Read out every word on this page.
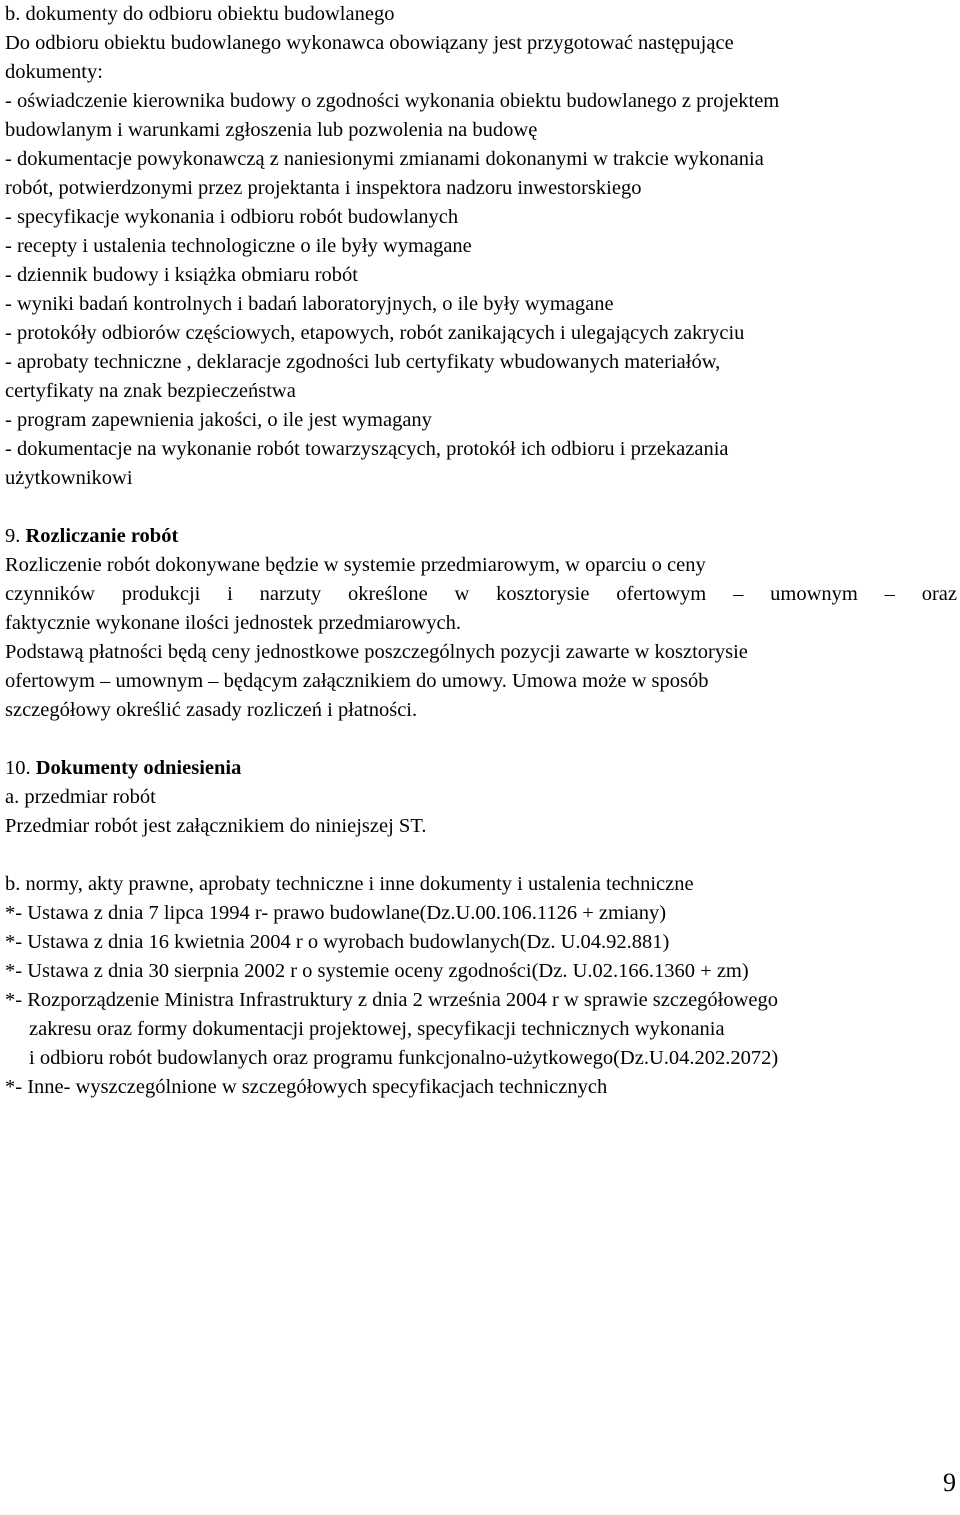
b. dokumenty do odbioru obiektu budowlanego
Do odbioru obiektu budowlanego wykonawca obowiązany jest przygotować następujące
dokumenty:
- oświadczenie kierownika budowy o zgodności wykonania obiektu budowlanego z projektem
budowlanym i warunkami zgłoszenia lub pozwolenia na budowę
- dokumentacje powykonawczą z naniesionymi zmianami dokonanymi w trakcie wykonania
robót, potwierdzonymi przez projektanta i inspektora nadzoru inwestorskiego
- specyfikacje wykonania i odbioru robót budowlanych
- recepty i ustalenia technologiczne o ile były wymagane
- dziennik budowy i książka obmiaru robót
- wyniki badań kontrolnych i badań laboratoryjnych, o ile były wymagane
- protokóły odbiorów częściowych, etapowych, robót zanikających i ulegających zakryciu
- aprobaty techniczne , deklaracje zgodności lub certyfikaty wbudowanych materiałów,
certyfikaty na znak bezpieczeństwa
- program zapewnienia jakości, o ile jest wymagany
- dokumentacje na wykonanie robót towarzyszących, protokół ich odbioru i przekazania
użytkownikowi
9. Rozliczanie robót
Rozliczenie robót dokonywane będzie w systemie przedmiarowym, w oparciu o ceny
czynników produkcji i narzuty określone w kosztorysie ofertowym – umownym – oraz
faktycznie wykonane ilości jednostek przedmiarowych.
Podstawą płatności będą ceny jednostkowe poszczególnych pozycji zawarte w kosztorysie
ofertowym – umownym – będącym załącznikiem do umowy. Umowa może w sposób
szczegółowy określić zasady rozliczeń i płatności.
10. Dokumenty odniesienia
a. przedmiar robót
Przedmiar robót jest załącznikiem do niniejszej ST.
b. normy, akty prawne, aprobaty techniczne i inne dokumenty i ustalenia techniczne
*- Ustawa z dnia 7 lipca 1994 r- prawo budowlane(Dz.U.00.106.1126 + zmiany)
*- Ustawa z dnia 16 kwietnia 2004 r o wyrobach budowlanych(Dz. U.04.92.881)
*- Ustawa z dnia 30 sierpnia 2002 r o systemie oceny zgodności(Dz. U.02.166.1360 + zm)
*- Rozporządzenie Ministra Infrastruktury z dnia 2 września 2004 r w sprawie szczegółowego
zakresu oraz formy dokumentacji projektowej, specyfikacji technicznych wykonania
i odbioru robót budowlanych oraz programu funkcjonalno-użytkowego(Dz.U.04.202.2072)
*- Inne- wyszczególnione w szczegółowych specyfikacjach technicznych
9
